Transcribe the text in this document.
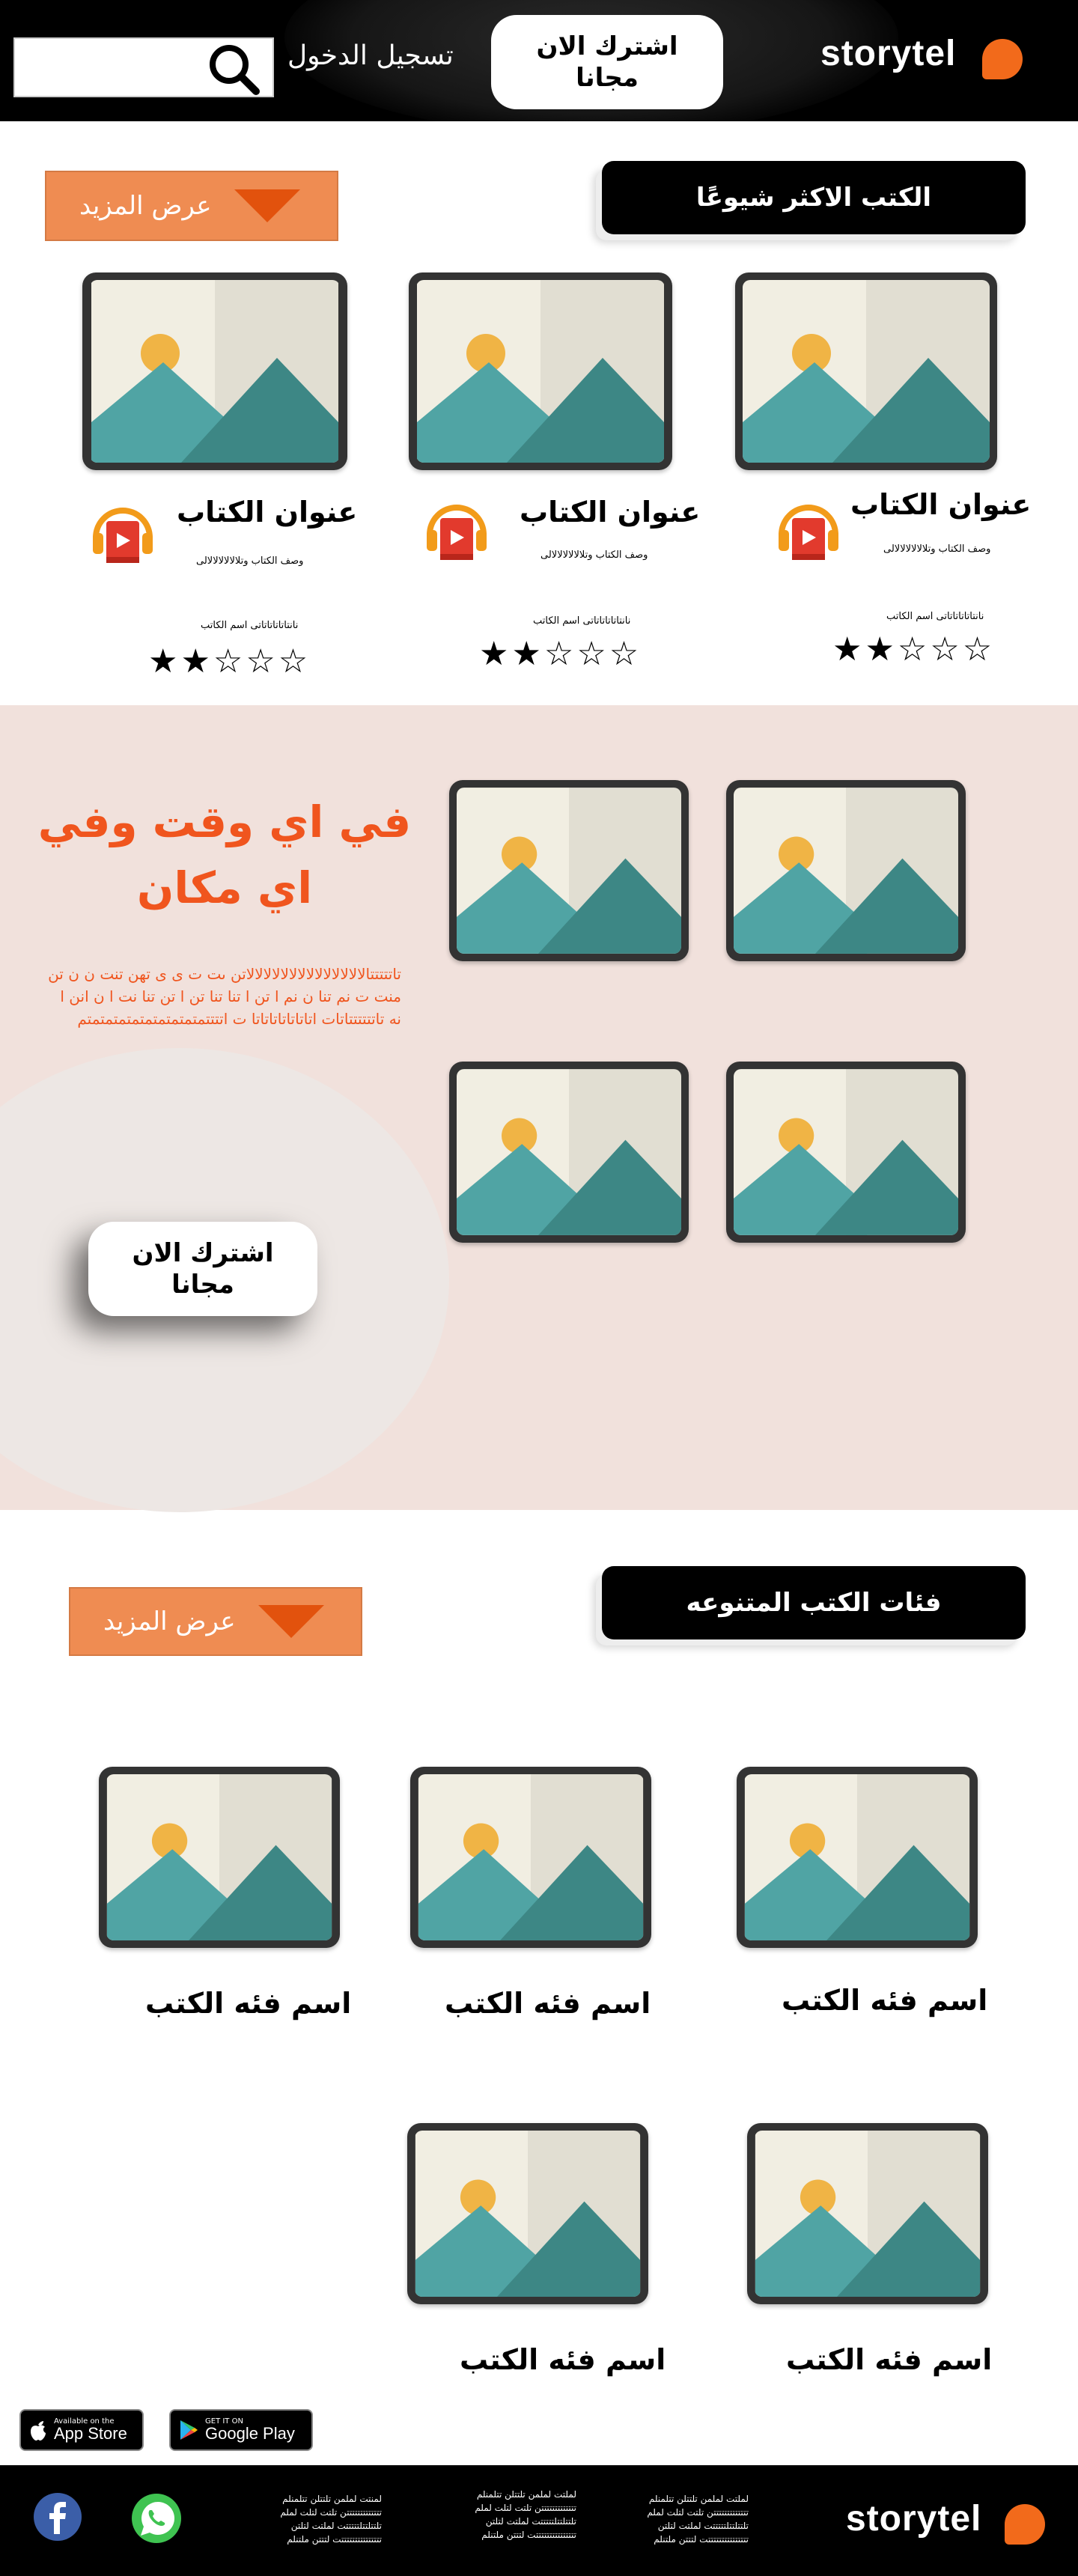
تسجيل الدخول	اشترك الان مجانا
storytel
الكتب الاكثر شيوعًا
عرض المزيد
عنوان الكتاب
وصف الكتاب وتلالالالالالالى
نانتاتاتاتاتاتى اسم الكاتب
★★☆☆☆
عنوان الكتاب
وصف الكتاب وتلالالالالالالى
نانتاتاتاتاتاتى اسم الكاتب
★★☆☆☆
عنوان الكتاب
وصف الكتاب وتلالالالالالالى
نانتاتاتاتاتاتى اسم الكاتب
★★☆☆☆
في اي وقت وفي اي مكان
تاتتتتتالالالالالالالالالالالالالالاتن ىت ت ى ى تهن تنت ن ن تن منت ت نم تنا ن نم ا تن ا تنا تنا تن ا تن تنا نت ا ن انن ا نه تاتتتتتتاتات اتاتاتاتاتاتاتا ت اتتتتمتمتمتمتمتمتمتمتمتم
اشترك الان مجانا
فئات الكتب المتنوعه
عرض المزيد
اسم فئه الكتب
اسم فئه الكتب
اسم فئه الكتب
اسم فئه الكتب
اسم فئه الكتب
Available on the
App Store
GET IT ON
Google Play
لمنتت لملمن تلتتلن تتلمنلم
تتتتتتتتتتتتتن تلتت لتلت لملم
تلتتلتتلتتتتتت لملتت لتلتن
تتتتتتتتتتتتتتتت لتتتن ملتنلم
لملتت لملمن تلتتلن تتلمنلم
تتتتتتتتتتتتتن تلتت لتلت لملم
تلتتلتتلتتتتتت لملتت لتلتن
تتتتتتتتتتتتتتتت لتتتن ملتنلم
لملتت لملمن تلتتلن تتلمنلم
تتتتتتتتتتتتتن تلتت لتلت لملم
تلتتلتتلتتتتتت لملتت لتلتن
تتتتتتتتتتتتتتتت لتتتن ملتنلم
storytel
